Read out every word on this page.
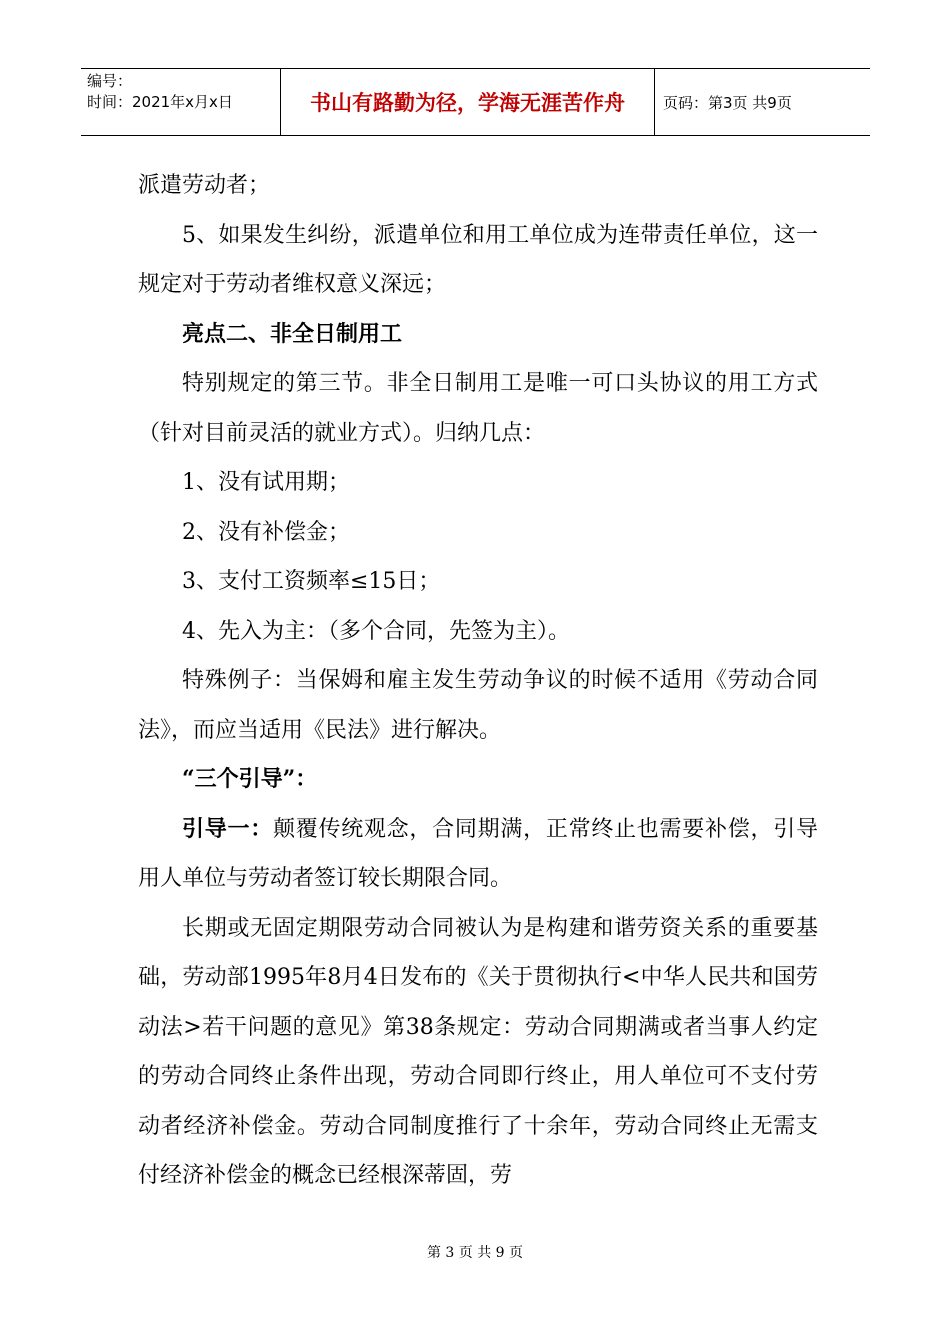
编号：
时间：2021年x月x日	书山有路勤为径，学海无涯苦作舟	页码：第3页 共9页

派遣劳动者；

5、如果发生纠纷，派遣单位和用工单位成为连带责任单位，这一规定对于劳动者维权意义深远；

亮点二、非全日制用工

特别规定的第三节。非全日制用工是唯一可口头协议的用工方式（针对目前灵活的就业方式）。归纳几点：

1、没有试用期；

2、没有补偿金；

3、支付工资频率≤15日；

4、先入为主：（多个合同，先签为主）。

特殊例子：当保姆和雇主发生劳动争议的时候不适用《劳动合同法》，而应当适用《民法》进行解决。

“三个引导”：

引导一：颠覆传统观念，合同期满，正常终止也需要补偿，引导用人单位与劳动者签订较长期限合同。

长期或无固定期限劳动合同被认为是构建和谐劳资关系的重要基础，劳动部1995年8月4日发布的《关于贯彻执行<中华人民共和国劳动法>若干问题的意见》第38条规定：劳动合同期满或者当事人约定的劳动合同终止条件出现，劳动合同即行终止，用人单位可不支付劳动者经济补偿金。劳动合同制度推行了十余年，劳动合同终止无需支付经济补偿金的概念已经根深蒂固，劳

第 3 页 共 9 页
